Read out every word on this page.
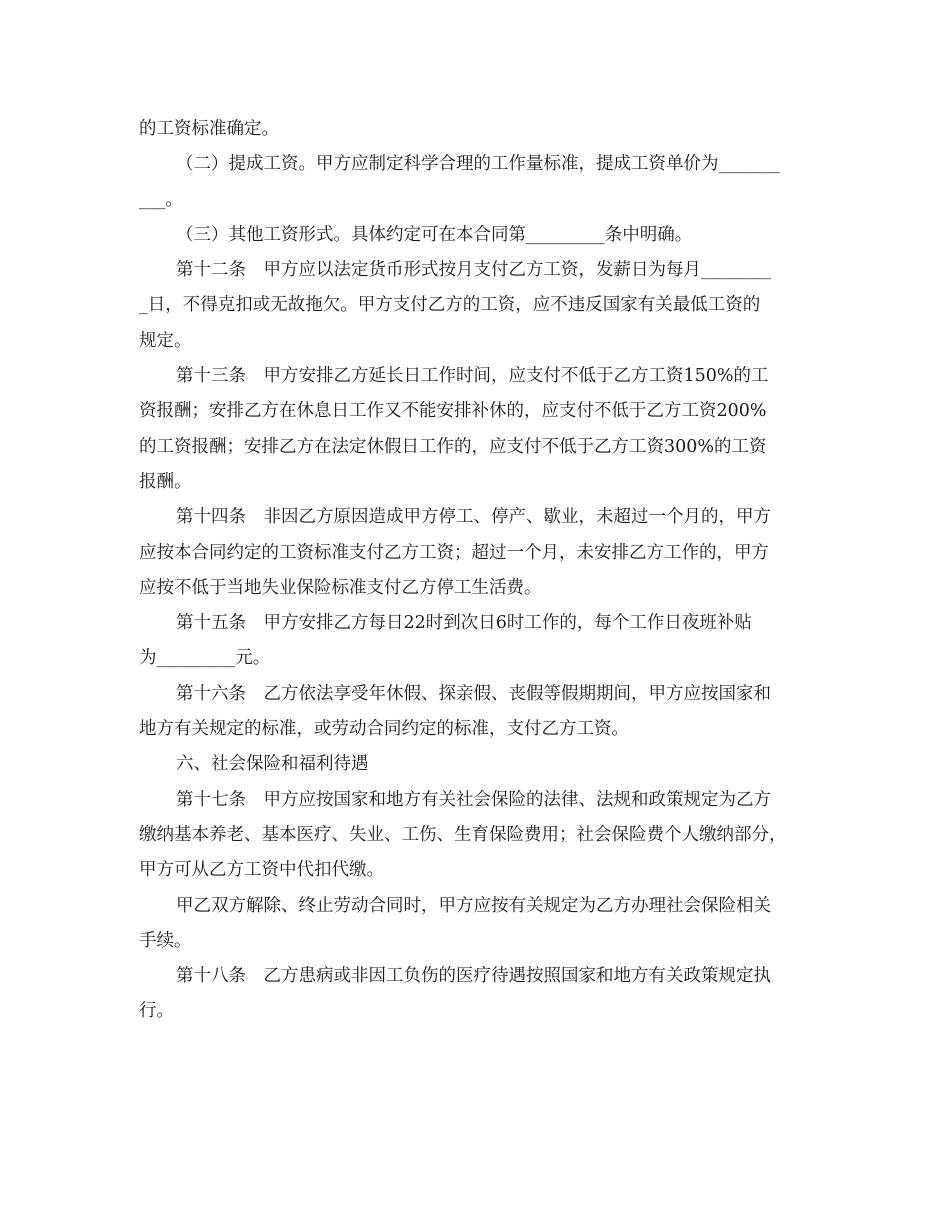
的工资标准确定。
（二）提成工资。甲方应制定科学合理的工作量标准，提成工资单价为_______
___。
（三）其他工资形式。具体约定可在本合同第_________条中明确。
第十二条　甲方应以法定货币形式按月支付乙方工资，发薪日为每月________
_日，不得克扣或无故拖欠。甲方支付乙方的工资，应不违反国家有关最低工资的
规定。
第十三条　甲方安排乙方延长日工作时间，应支付不低于乙方工资150%的工
资报酬；安排乙方在休息日工作又不能安排补休的，应支付不低于乙方工资200%
的工资报酬；安排乙方在法定休假日工作的，应支付不低于乙方工资300%的工资
报酬。
第十四条　非因乙方原因造成甲方停工、停产、歇业，未超过一个月的，甲方
应按本合同约定的工资标准支付乙方工资；超过一个月，未安排乙方工作的，甲方
应按不低于当地失业保险标准支付乙方停工生活费。
第十五条　甲方安排乙方每日22时到次日6时工作的，每个工作日夜班补贴
为_________元。
第十六条　乙方依法享受年休假、探亲假、丧假等假期期间，甲方应按国家和
地方有关规定的标准，或劳动合同约定的标准，支付乙方工资。
六、社会保险和福利待遇
第十七条　甲方应按国家和地方有关社会保险的法律、法规和政策规定为乙方
缴纳基本养老、基本医疗、失业、工伤、生育保险费用；社会保险费个人缴纳部分，
甲方可从乙方工资中代扣代缴。
甲乙双方解除、终止劳动合同时，甲方应按有关规定为乙方办理社会保险相关
手续。
第十八条　乙方患病或非因工负伤的医疗待遇按照国家和地方有关政策规定执
行。
